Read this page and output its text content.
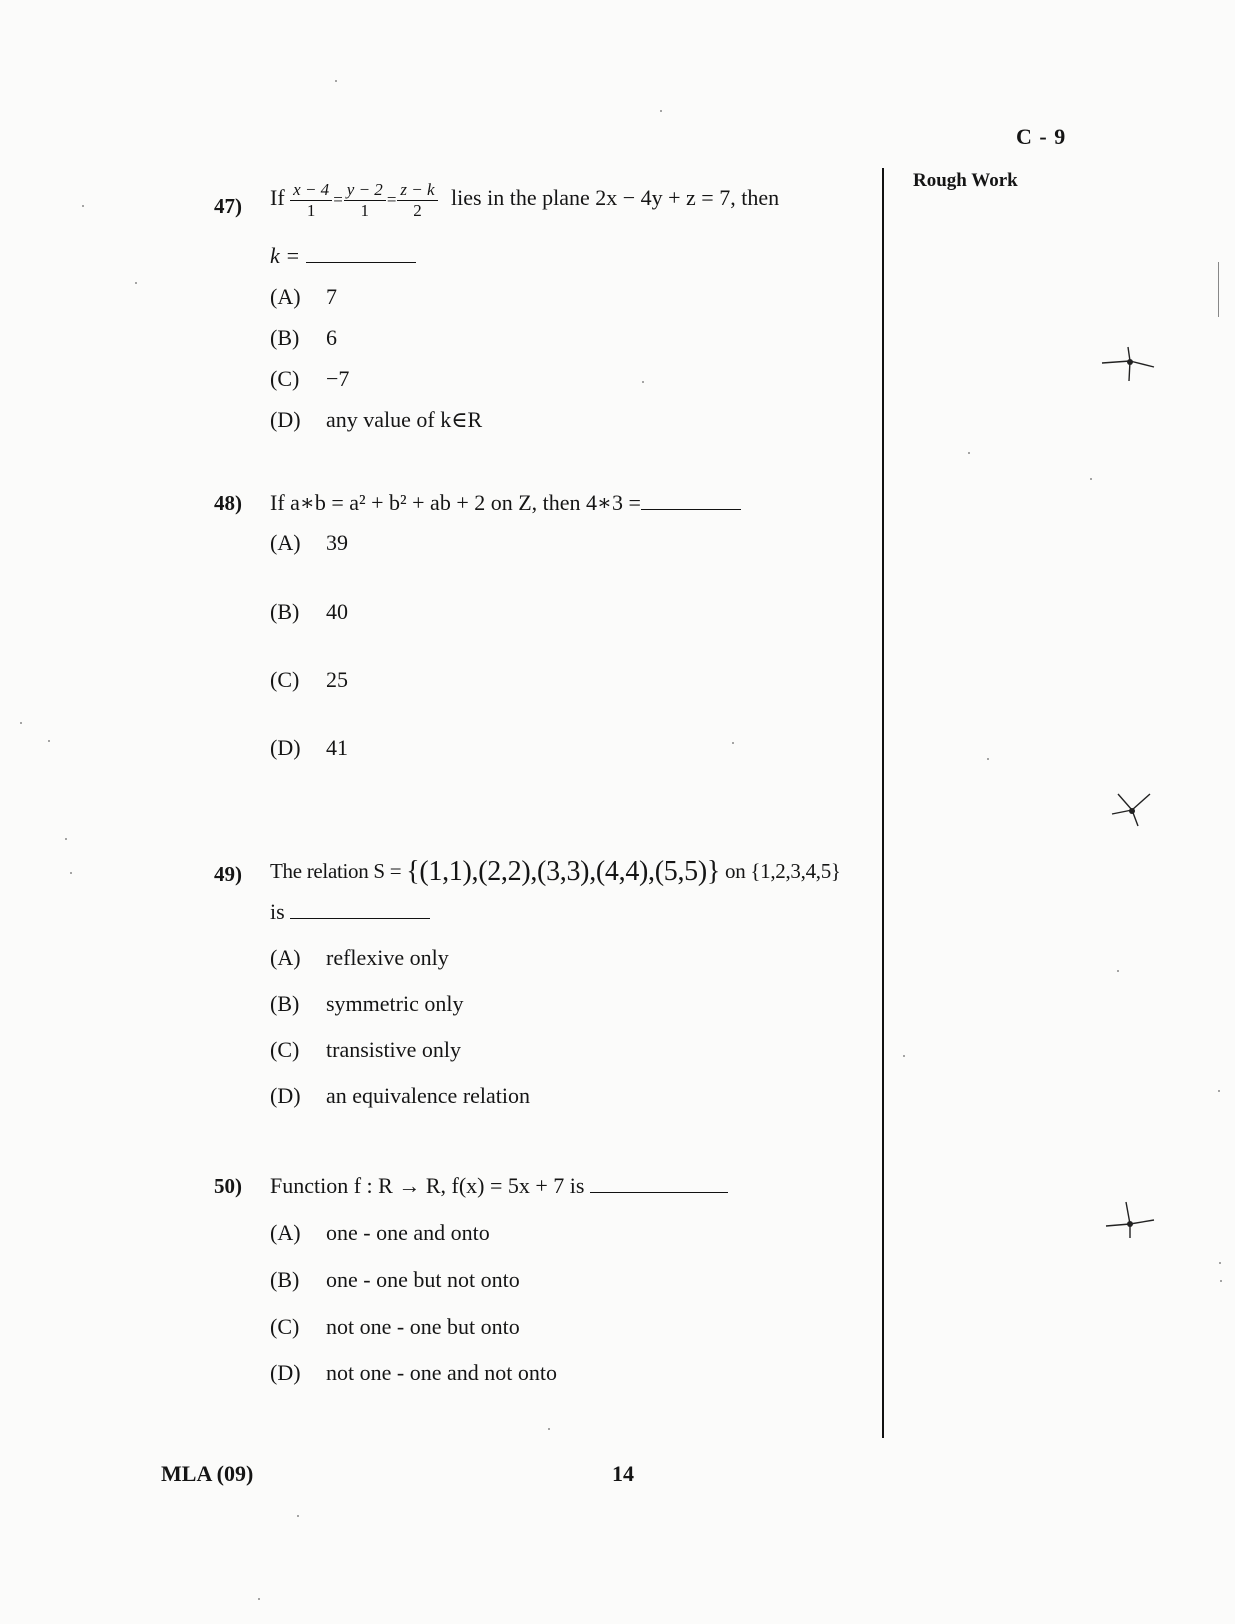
C - 9
Rough Work
47) If $\frac{x - 4}{1} = \frac{y - 2}{1} = \frac{z - k}{2}$ lies in the plane 2x − 4y + z = 7, then
k =
(A) 7
(B) 6
(C) −7
(D) any value of k∈R
48) If a∗b = a² + b² + ab + 2 on Z, then 4∗3 =
(A) 39
(B) 40
(C) 25
(D) 41
49) The relation S = {(1,1),(2,2),(3,3),(4,4),(5,5)} on {1,2,3,4,5}
is
(A) reflexive only
(B) symmetric only
(C) transistive only
(D) an equivalence relation
50) Function f : R → R, f(x) = 5x + 7 is
(A) one - one and onto
(B) one - one but not onto
(C) not one - one but onto
(D) not one - one and not onto
MLA (09)	14
